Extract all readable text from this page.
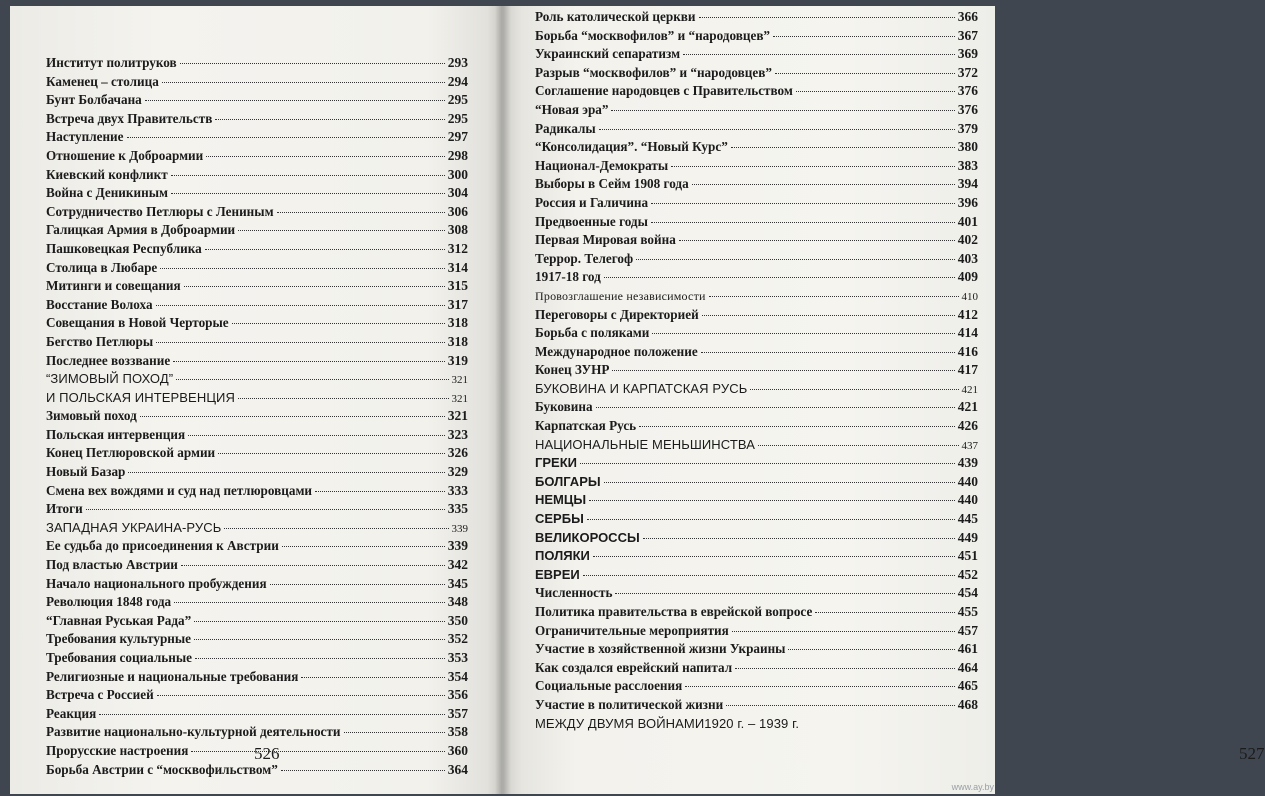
Институт политруков	293
Каменец – столица	294
Бунт Болбачана	295
Встреча двух Правительств	295
Наступление	297
Отношение к Доброармии	298
Киевский конфликт	300
Война с Деникиным	304
Сотрудничество Петлюры с Лениным	306
Галицкая Армия в Доброармии	308
Пашковецкая Республика	312
Столица в Любаре	314
Митинги и совещания	315
Восстание Волоха	317
Совещания в Новой Черторые	318
Бегство Петлюры	318
Последнее воззвание	319
“ЗИМОВЫЙ ПОХОД”	321
И ПОЛЬСКАЯ ИНТЕРВЕНЦИЯ	321
Зимовый поход	321
Польская интервенция	323
Конец Петлюровской армии	326
Новый Базар	329
Смена вех вождями и суд над петлюровцами	333
Итоги	335
ЗАПАДНАЯ УКРАИНА-РУСЬ	339
Ее судьба до присоединения к Австрии	339
Под властью Австрии	342
Начало национального пробуждения	345
Революция 1848 года	348
“Главная Руськая Рада”	350
Требования культурные	352
Требования социальные	353
Религиозные и национальные требования	354
Встреча с Россией	356
Реакция	357
Развитие национально-культурной деятельности	358
Прорусские настроения	360
Борьба Австрии с “москвофильством”	364
526	527
Роль католической церкви	366
Борьба “москвофилов” и “народовцев”	367
Украинский сепаратизм	369
Разрыв “москвофилов” и “народовцев”	372
Соглашение народовцев с Правительством	376
“Новая эра”	376
Радикалы	379
“Консолидация”. “Новый Курс”	380
Национал-Демократы	383
Выборы в Сейм 1908 года	394
Россия и Галичина	396
Предвоенные годы	401
Первая Мировая война	402
Террор. Телегоф	403
1917-18 год	409
Провозглашение независимости	410
Переговоры с Директорией	412
Борьба с поляками	414
Международное положение	416
Конец ЗУНР	417
БУКОВИНА И КАРПАТСКАЯ РУСЬ	421
Буковина	421
Карпатская Русь	426
НАЦИОНАЛЬНЫЕ МЕНЬШИНСТВА	437
ГРЕКИ	439
БОЛГАРЫ	440
НЕМЦЫ	440
СЕРБЫ	445
ВЕЛИКОРОССЫ	449
ПОЛЯКИ	451
ЕВРЕИ	452
Численность	454
Политика правительства в еврейской вопросе	455
Ограничительные мероприятия	457
Участие в хозяйственной жизни Украины	461
Как создался еврейский напитал	464
Социальные расслоения	465
Участие в политической жизни	468
МЕЖДУ ДВУМЯ ВОЙНАМИ1920 г. – 1939 г.
www.ay.by
